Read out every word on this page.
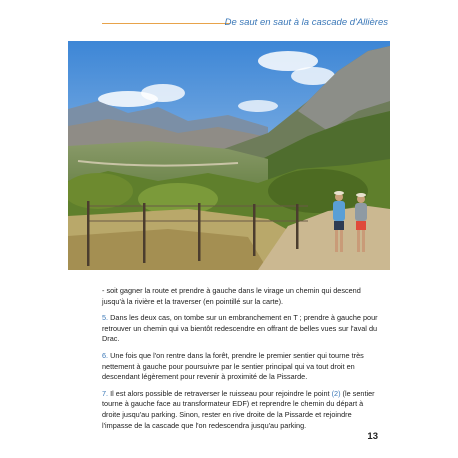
De saut en saut à la cascade d'Allières

- soit gagner la route et prendre à gauche dans le virage un chemin qui descend jusqu'à la rivière et la traverser (en pointillé sur la carte).

5. Dans les deux cas, on tombe sur un embranchement en T ; prendre à gauche pour retrouver un chemin qui va bientôt redescendre en offrant de belles vues sur l'aval du Drac.

6. Une fois que l'on rentre dans la forêt, prendre le premier sentier qui tourne très nettement à gauche pour poursuivre par le sentier principal qui va tout droit en descendant légèrement pour revenir à proximité de la Pissarde.

7. Il est alors possible de retraverser le ruisseau pour rejoindre le point (2) (le sentier tourne à gauche face au transformateur EDF) et reprendre le chemin du départ à droite jusqu'au parking. Sinon, rester en rive droite de la Pissarde et rejoindre l'impasse de la cascade que l'on redescendra jusqu'au parking.

13
